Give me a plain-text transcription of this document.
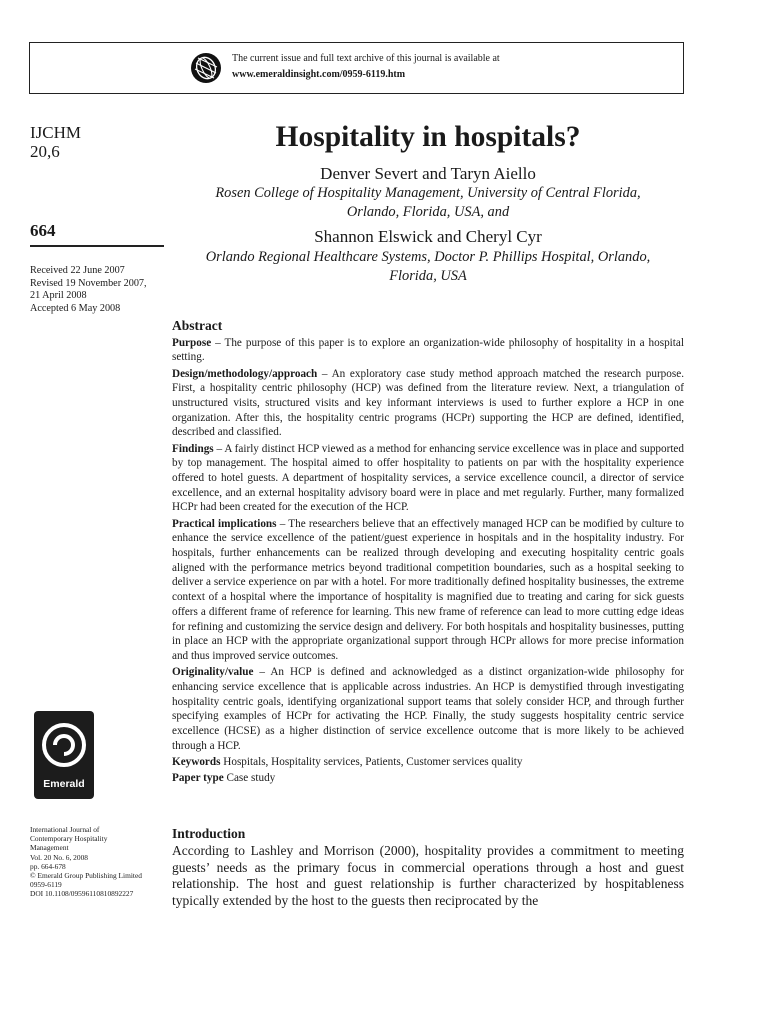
The current issue and full text archive of this journal is available at
www.emeraldinsight.com/0959-6119.htm
IJCHM
20,6
664
Received 22 June 2007
Revised 19 November 2007,
21 April 2008
Accepted 6 May 2008
Hospitality in hospitals?
Denver Severt and Taryn Aiello
Rosen College of Hospitality Management, University of Central Florida,
Orlando, Florida, USA, and
Shannon Elswick and Cheryl Cyr
Orlando Regional Healthcare Systems, Doctor P. Phillips Hospital, Orlando,
Florida, USA
Abstract

Purpose – The purpose of this paper is to explore an organization-wide philosophy of hospitality in a hospital setting.

Design/methodology/approach – An exploratory case study method approach matched the research purpose. First, a hospitality centric philosophy (HCP) was defined from the literature review. Next, a triangulation of unstructured visits, structured visits and key informant interviews is used to further explore a HCP in one organization. After this, the hospitality centric programs (HCPr) supporting the HCP are defined, identified, described and classified.

Findings – A fairly distinct HCP viewed as a method for enhancing service excellence was in place and supported by top management. The hospital aimed to offer hospitality to patients on par with the hospitality experience offered to hotel guests. A department of hospitality services, a service excellence council, a director of service excellence, and an external hospitality advisory board were in place and met regularly. Further, many formalized HCPr had been created for the execution of the HCP.

Practical implications – The researchers believe that an effectively managed HCP can be modified by culture to enhance the service excellence of the patient/guest experience in hospitals and in the hospitality industry. For hospitals, further enhancements can be realized through developing and executing hospitality centric goals aligned with the performance metrics beyond traditional competition boundaries, such as a hospital seeking to deliver a service experience on par with a hotel. For more traditionally defined hospitality businesses, the extreme context of a hospital where the importance of hospitality is magnified due to treating and caring for sick guests offers a different frame of reference for learning. This new frame of reference can lead to more cutting edge ideas for refining and customizing the service design and delivery. For both hospitals and hospitality businesses, putting in place an HCP with the appropriate organizational support through HCPr allows for more precise information and thus improved service outcomes.

Originality/value – An HCP is defined and acknowledged as a distinct organization-wide philosophy for enhancing service excellence that is applicable across industries. An HCP is demystified through investigating hospitality centric goals, identifying organizational support teams that solely consider HCP, and through further specifying examples of HCPr for activating the HCP. Finally, the study suggests hospitality centric service excellence (HCSE) as a higher distinction of service excellence outcome that is more likely to be achieved through a HCP.

Keywords Hospitals, Hospitality services, Patients, Customer services quality

Paper type Case study

Emerald
International Journal of
Contemporary Hospitality
Management
Vol. 20 No. 6, 2008
pp. 664-678
© Emerald Group Publishing Limited
0959-6119
DOI 10.1108/09596110810892227
Introduction

According to Lashley and Morrison (2000), hospitality provides a commitment to meeting guests’ needs as the primary focus in commercial operations through a host and guest relationship. The host and guest relationship is further characterized by hospitableness typically extended by the host to the guests then reciprocated by the
